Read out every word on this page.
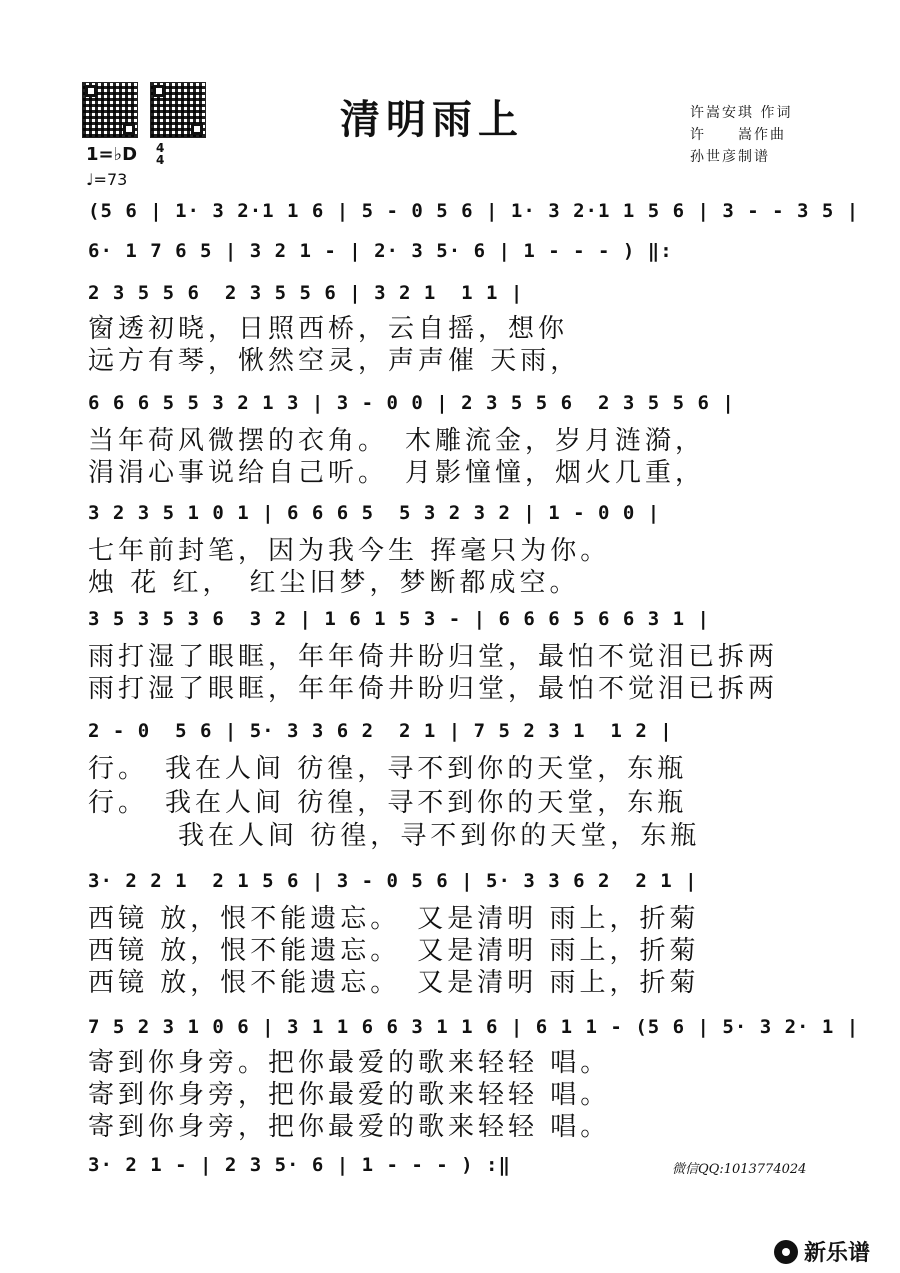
清明雨上	许嵩安琪 作词
许　　嵩作曲
孙世彦制谱
1=♭D 4
4
♩=73
(5 6 | 1· 3 2·1 1 6 | 5 - 0 5 6 | 1· 3 2·1 1 5 6 | 3 - - 3 5 |
6· 1 7 6 5 | 3 2 1 - | 2· 3 5· 6 | 1 - - - ) ‖:
2 3 5 5 6  2 3 5 5 6 | 3 2 1  1 1 |
窗透初晓，日照西桥，云自摇，想你
远方有琴，愀然空灵，声声催 天雨，
6 6 6 5 5 3 2 1 3 | 3 - 0 0 | 2 3 5 5 6  2 3 5 5 6 |
当年荷风微摆的衣角。　木雕流金，岁月涟漪，
涓涓心事说给自己听。　月影憧憧，烟火几重，
3 2 3 5 1 0 1 | 6 6 6 5  5 3 2 3 2 | 1 - 0 0 |
七年前封笔，因为我今生 挥毫只为你。
烛 花 红，　红尘旧梦，梦断都成空。
3 5 3 5 3 6  3 2 | 1 6 1 5 3 - | 6 6 6 5 6 6 3 1 |
雨打湿了眼眶，年年倚井盼归堂，最怕不觉泪已拆两
雨打湿了眼眶，年年倚井盼归堂，最怕不觉泪已拆两
2 - 0  5 6 | 5· 3 3 6 2  2 1 | 7 5 2 3 1  1 2 |
行。　我在人间 彷徨，寻不到你的天堂，东瓶
行。　我在人间 彷徨，寻不到你的天堂，东瓶
　　　我在人间 彷徨，寻不到你的天堂，东瓶
3· 2 2 1  2 1 5 6 | 3 - 0 5 6 | 5· 3 3 6 2  2 1 |
西镜 放，恨不能遗忘。　又是清明 雨上，折菊
西镜 放，恨不能遗忘。　又是清明 雨上，折菊
西镜 放，恨不能遗忘。　又是清明 雨上，折菊
7 5 2 3 1 0 6 | 3 1 1 6 6 3 1 1 6 | 6 1 1 - (5 6 | 5· 3 2· 1 |
寄到你身旁。把你最爱的歌来轻轻 唱。
寄到你身旁，把你最爱的歌来轻轻 唱。
寄到你身旁，把你最爱的歌来轻轻 唱。
3· 2 1 - | 2 3 5· 6 | 1 - - - ) :‖	微信QQ:1013774024
新乐谱
